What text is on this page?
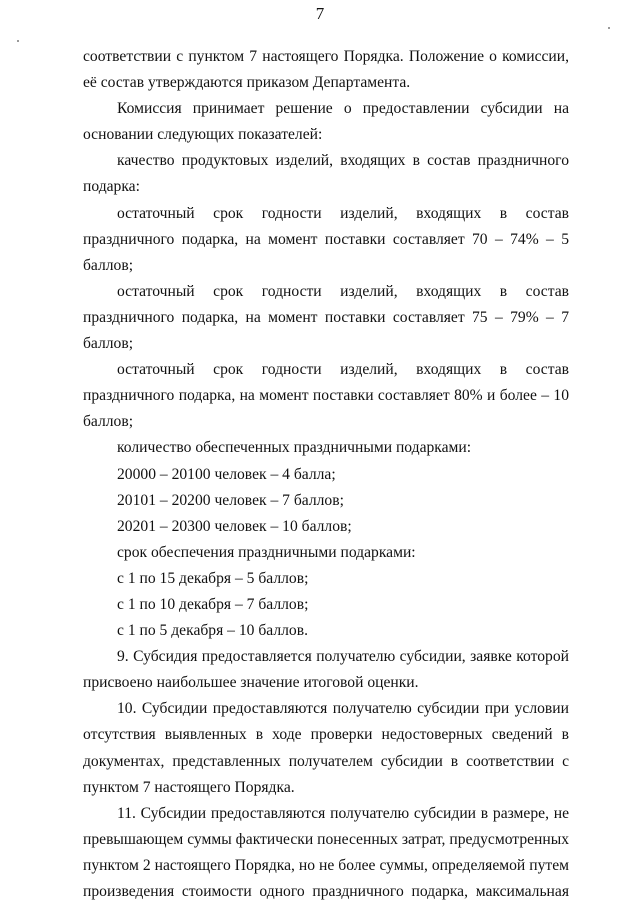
7

соответствии с пунктом 7 настоящего Порядка. Положение о комиссии, её состав утверждаются приказом Департамента.

Комиссия принимает решение о предоставлении субсидии на основании следующих показателей:

качество продуктовых изделий, входящих в состав праздничного подарка:

остаточный срок годности изделий, входящих в состав праздничного подарка, на момент поставки составляет 70 – 74% – 5 баллов;

остаточный срок годности изделий, входящих в состав праздничного подарка, на момент поставки составляет 75 – 79% – 7 баллов;

остаточный срок годности изделий, входящих в состав праздничного подарка, на момент поставки составляет 80% и более – 10 баллов;

количество обеспеченных праздничными подарками:

20000 – 20100 человек – 4 балла;

20101 – 20200 человек – 7 баллов;

20201 – 20300 человек – 10 баллов;

срок обеспечения праздничными подарками:

с 1 по 15 декабря – 5 баллов;

с 1 по 10 декабря – 7 баллов;

с 1 по 5 декабря – 10 баллов.

9. Субсидия предоставляется получателю субсидии, заявке которой присвоено наибольшее значение итоговой оценки.

10. Субсидии предоставляются получателю субсидии при условии отсутствия выявленных в ходе проверки недостоверных сведений в документах, представленных получателем субсидии в соответствии с пунктом 7 настоящего Порядка.

11. Субсидии предоставляются получателю субсидии в размере, не превышающем суммы фактически понесенных затрат, предусмотренных пунктом 2 настоящего Порядка, но не более суммы, определяемой путем произведения стоимости одного праздничного подарка, максимальная
